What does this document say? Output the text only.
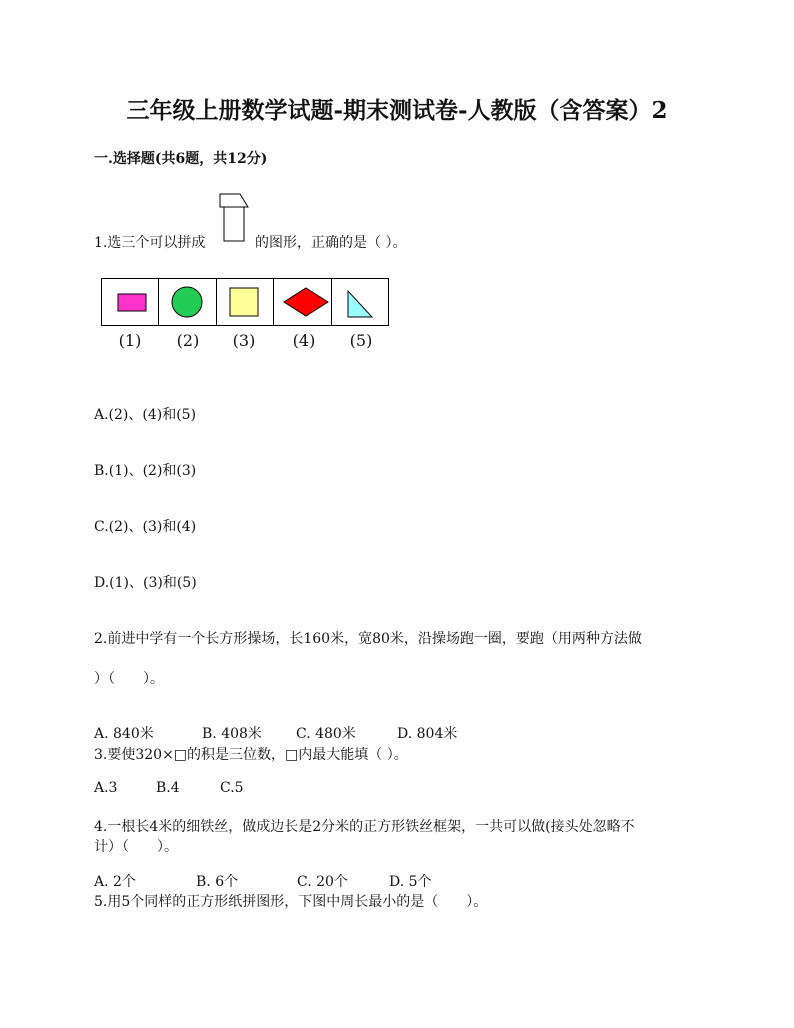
三年级上册数学试题-期末测试卷-人教版（含答案）2
一.选择题(共6题，共12分)
1.选三个可以拼成	的图形，正确的是（ ）。
(1)	(2)	(3)	(4)	(5)
A.(2)、(4)和(5)
B.(1)、(2)和(3)
C.(2)、(3)和(4)
D.(1)、(3)和(5)
2.前进中学有一个长方形操场，长160米，宽80米，沿操场跑一圈，要跑（用两种方法做
）（　　）。
A. 840米	B. 408米 C. 480米	D. 804米
3.要使320×□的积是三位数，□内最大能填（ ）。
A.3	B.4	C.5
4.一根长4米的细铁丝，做成边长是2分米的正方形铁丝框架，一共可以做(接头处忽略不
计）（　　）。
A. 2个	B. 6个	C. 20个	D. 5个
5.用5个同样的正方形纸拼图形，下图中周长最小的是（　　）。
